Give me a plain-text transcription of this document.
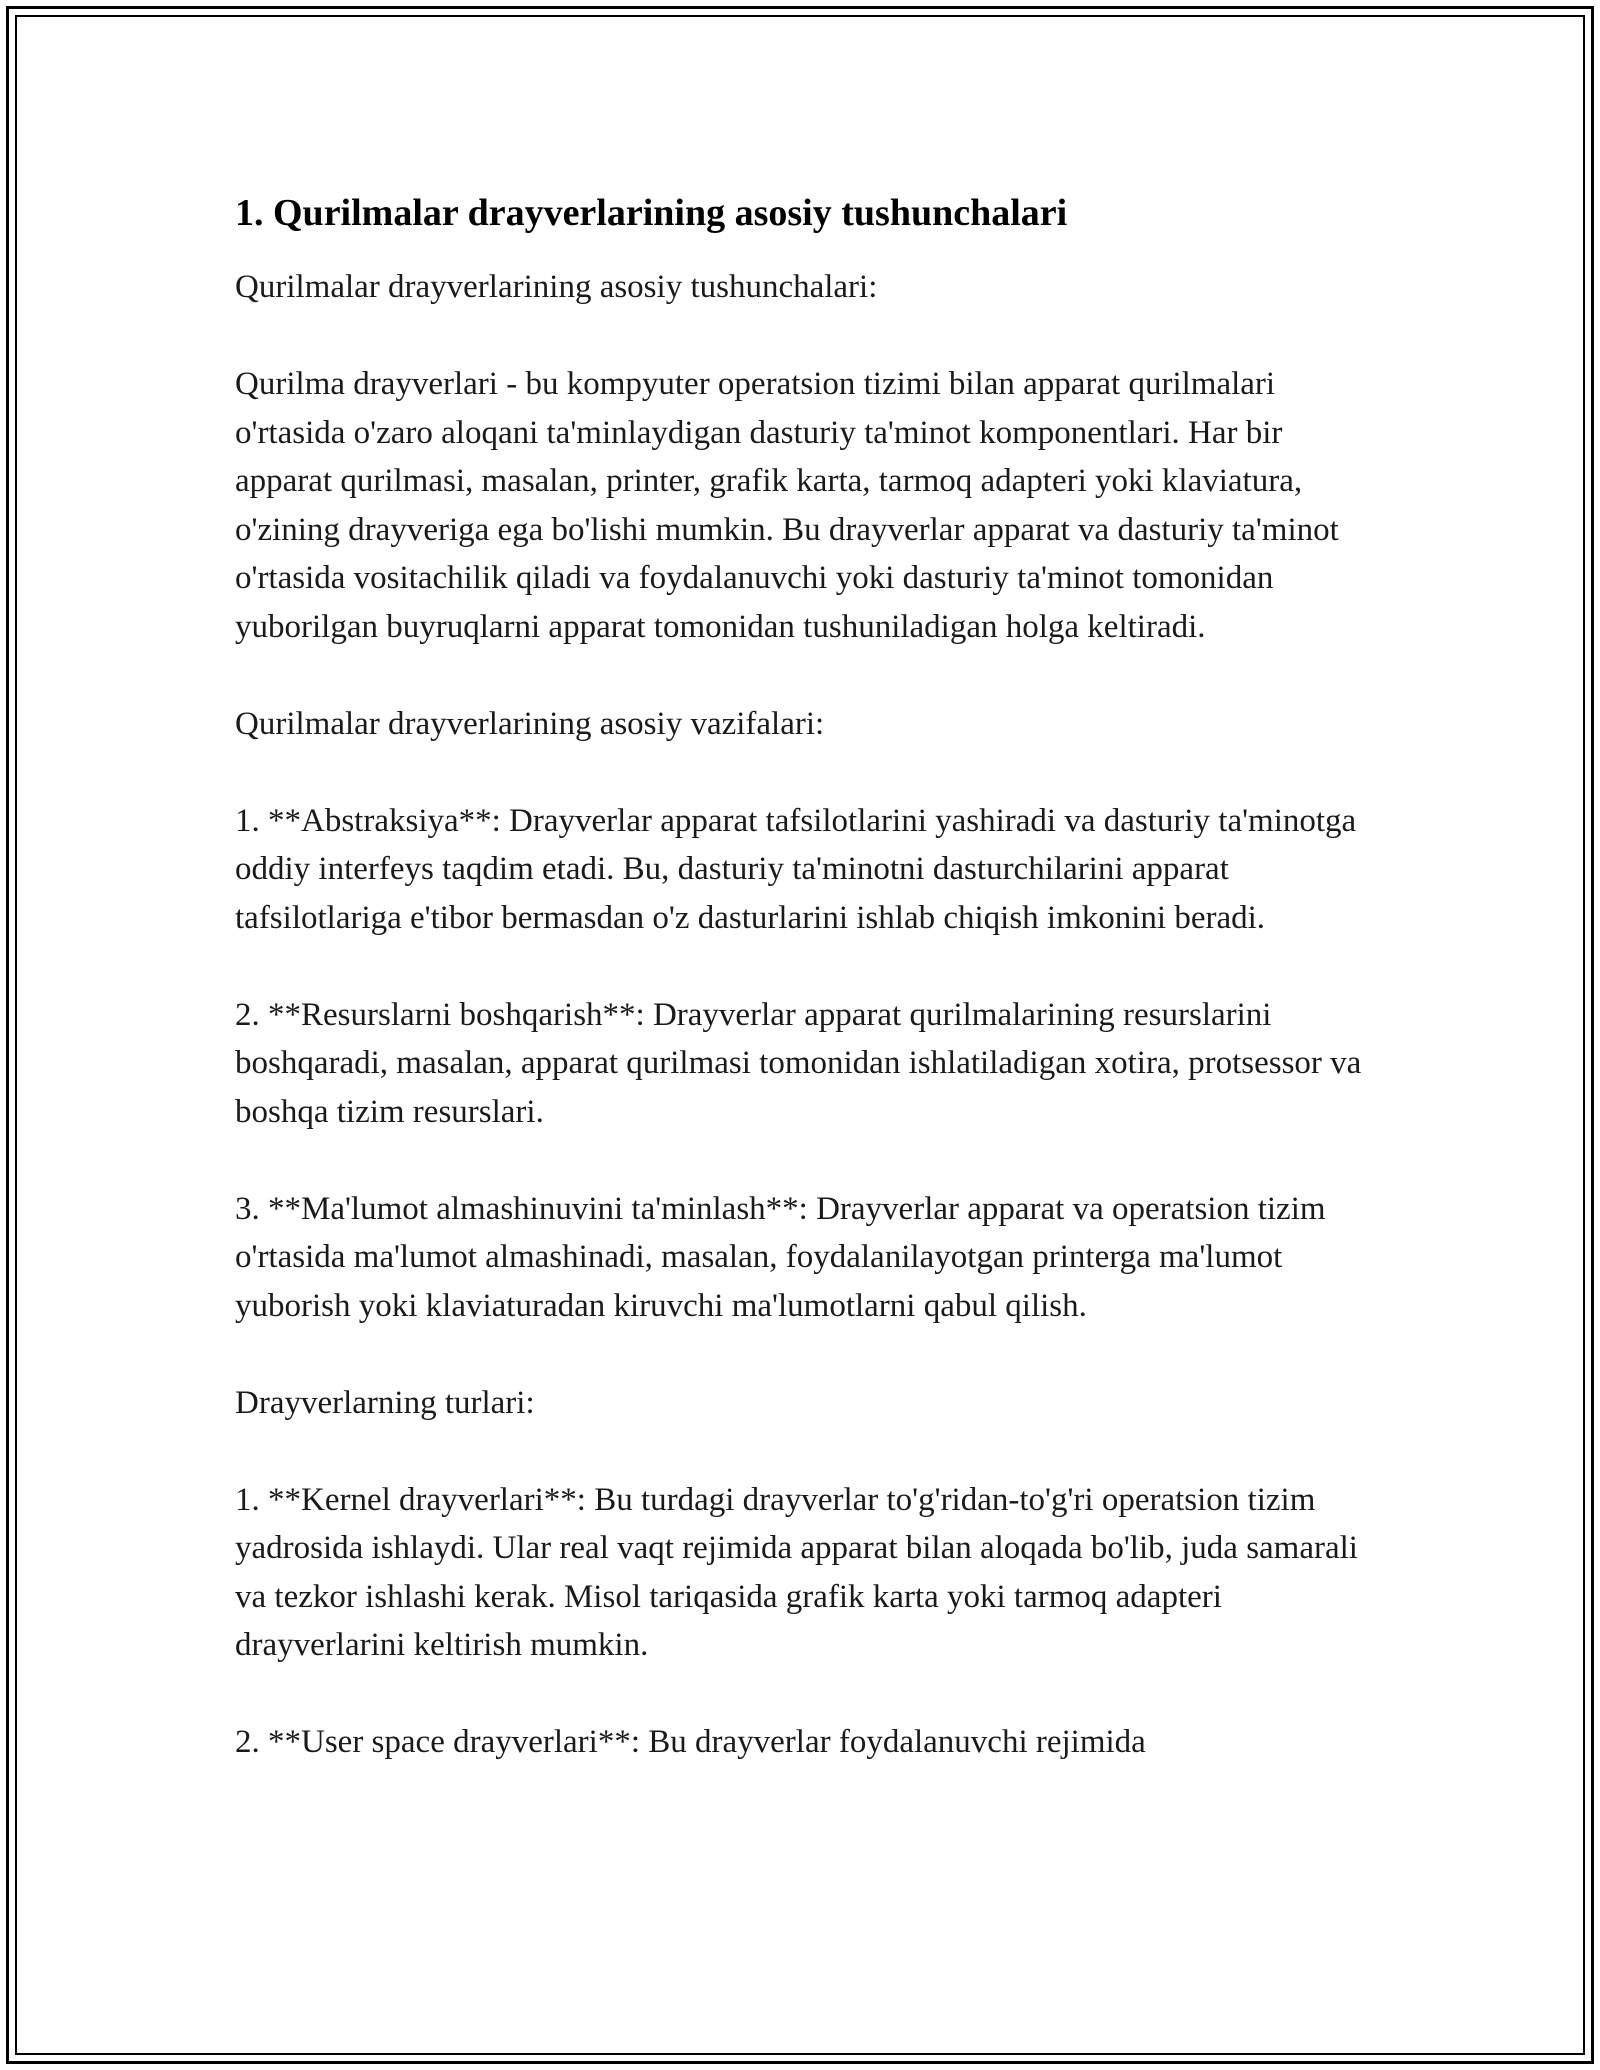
1. Qurilmalar drayverlarining asosiy tushunchalari

Qurilmalar drayverlarining asosiy tushunchalari:

Qurilma drayverlari - bu kompyuter operatsion tizimi bilan apparat qurilmalari o'rtasida o'zaro aloqani ta'minlaydigan dasturiy ta'minot komponentlari. Har bir apparat qurilmasi, masalan, printer, grafik karta, tarmoq adapteri yoki klaviatura, o'zining drayveriga ega bo'lishi mumkin. Bu drayverlar apparat va dasturiy ta'minot o'rtasida vositachilik qiladi va foydalanuvchi yoki dasturiy ta'minot tomonidan yuborilgan buyruqlarni apparat tomonidan tushuniladigan holga keltiradi.

Qurilmalar drayverlarining asosiy vazifalari:

1. **Abstraksiya**: Drayverlar apparat tafsilotlarini yashiradi va dasturiy ta'minotga oddiy interfeys taqdim etadi. Bu, dasturiy ta'minotni dasturchilarini apparat tafsilotlariga e'tibor bermasdan o'z dasturlarini ishlab chiqish imkonini beradi.

2. **Resurslarni boshqarish**: Drayverlar apparat qurilmalarining resurslarini boshqaradi, masalan, apparat qurilmasi tomonidan ishlatiladigan xotira, protsessor va boshqa tizim resurslari.

3. **Ma'lumot almashinuvini ta'minlash**: Drayverlar apparat va operatsion tizim o'rtasida ma'lumot almashinadi, masalan, foydalanilayotgan printerga ma'lumot yuborish yoki klaviaturadan kiruvchi ma'lumotlarni qabul qilish.

Drayverlarning turlari:

1. **Kernel drayverlari**: Bu turdagi drayverlar to'g'ridan-to'g'ri operatsion tizim yadrosida ishlaydi. Ular real vaqt rejimida apparat bilan aloqada bo'lib, juda samarali va tezkor ishlashi kerak. Misol tariqasida grafik karta yoki tarmoq adapteri drayverlarini keltirish mumkin.

2. **User space drayverlari**: Bu drayverlar foydalanuvchi rejimida
